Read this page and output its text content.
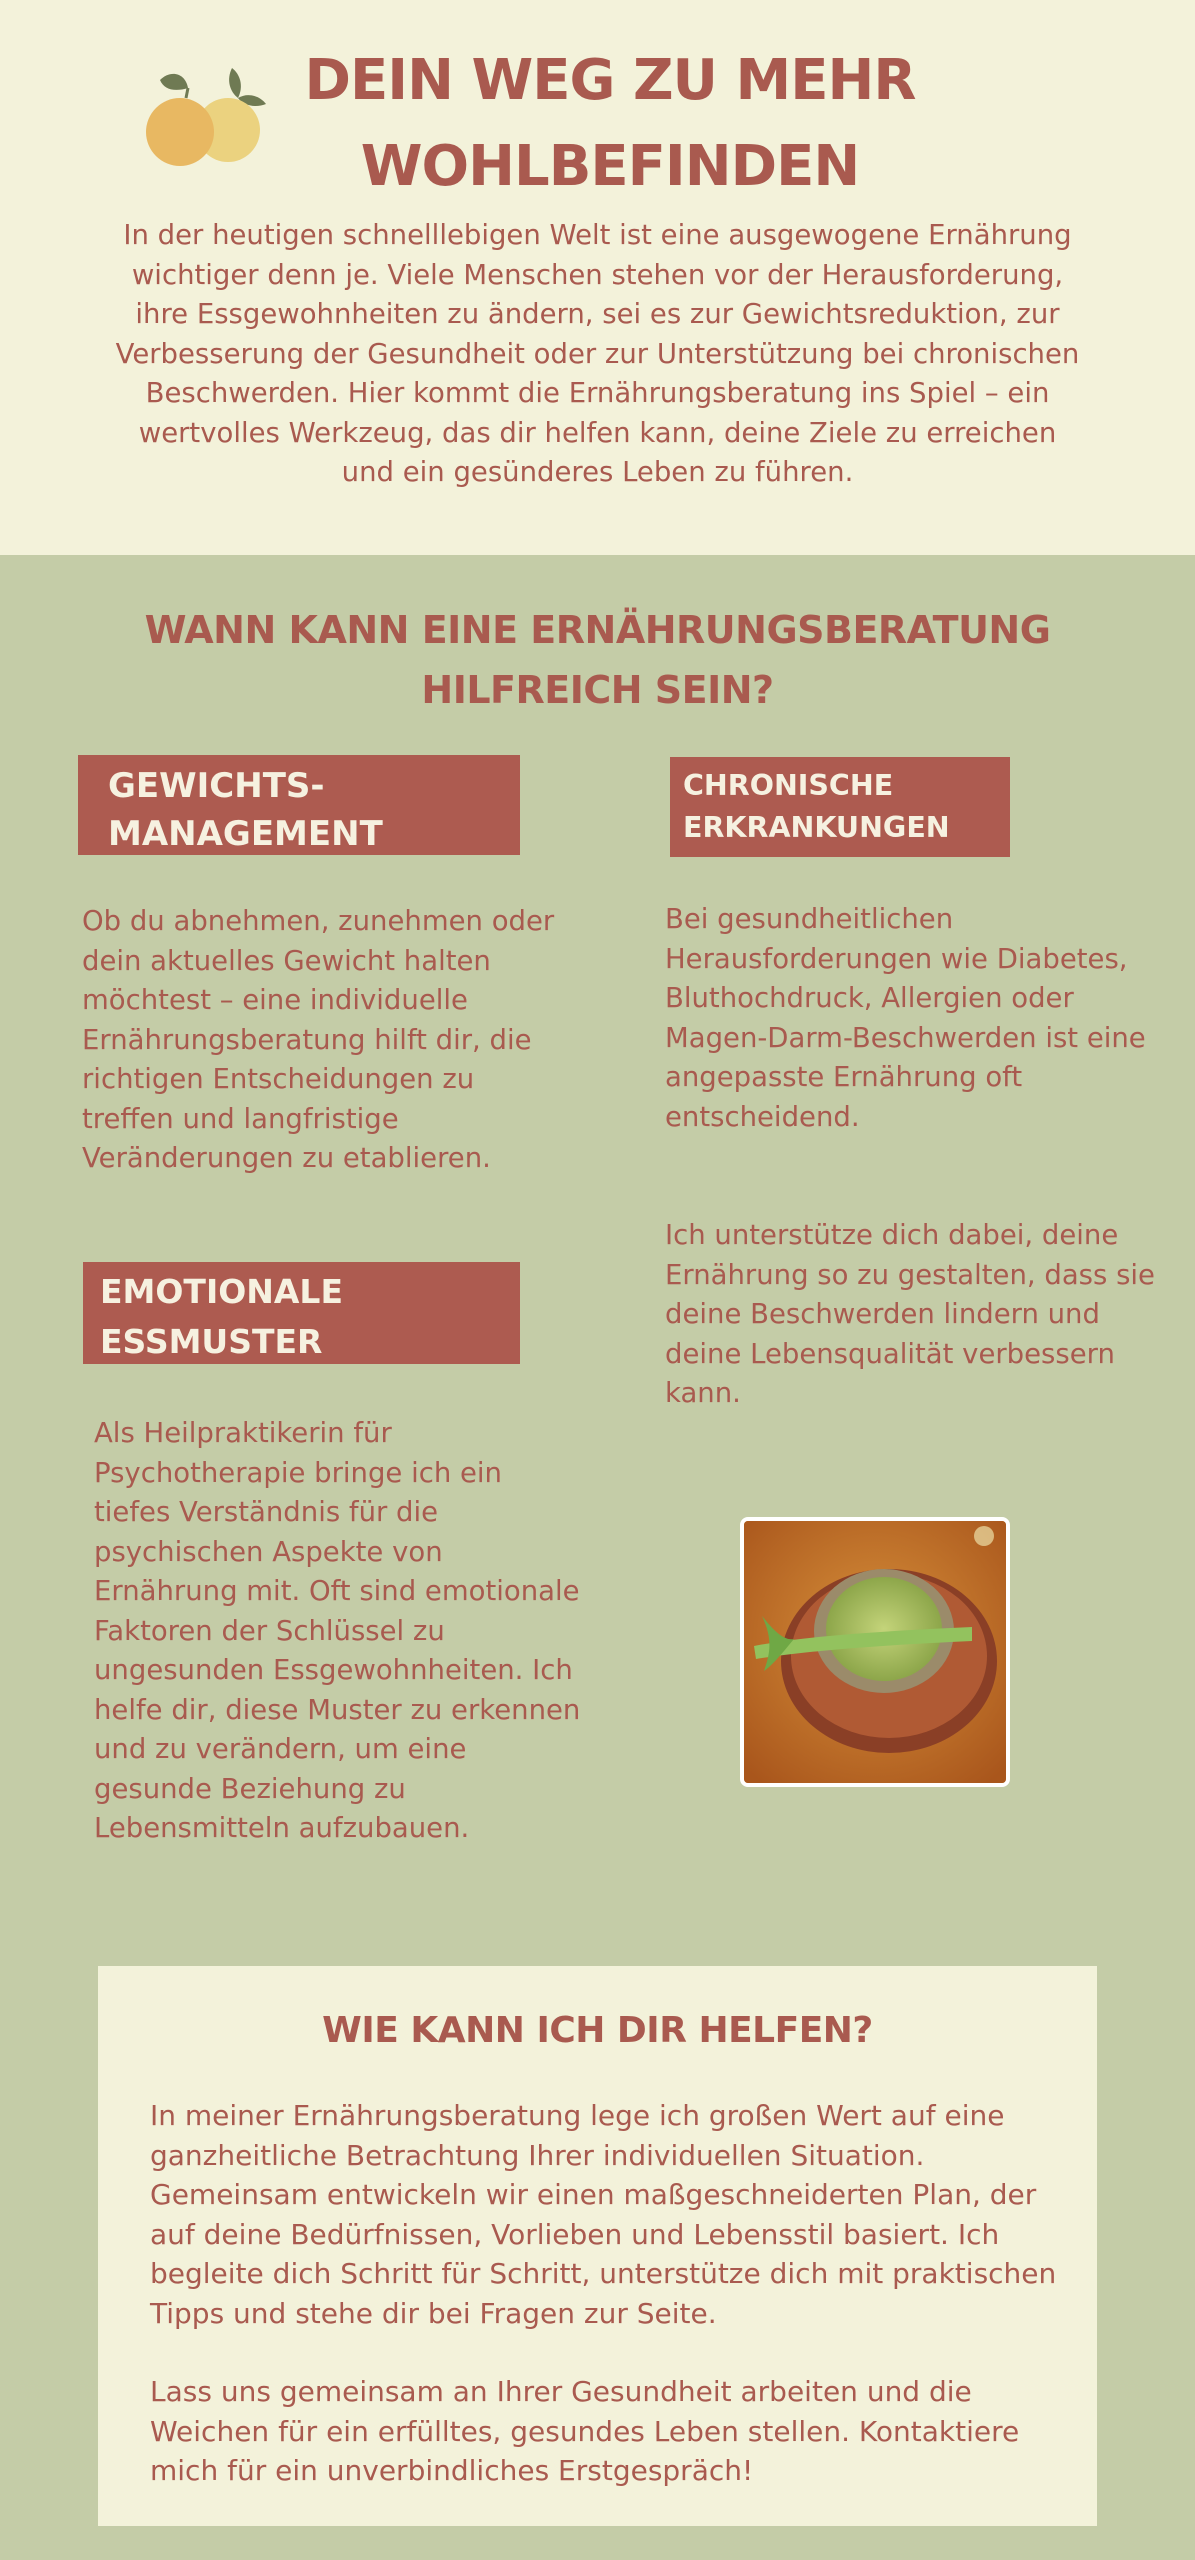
DEIN WEG ZU MEHR WOHLBEFINDEN

In der heutigen schnelllebigen Welt ist eine ausgewogene Ernährung wichtiger denn je. Viele Menschen stehen vor der Herausforderung, ihre Essgewohnheiten zu ändern, sei es zur Gewichtsreduktion, zur Verbesserung der Gesundheit oder zur Unterstützung bei chronischen Beschwerden. Hier kommt die Ernährungsberatung ins Spiel – ein wertvolles Werkzeug, das dir helfen kann, deine Ziele zu erreichen und ein gesünderes Leben zu führen.

WANN KANN EINE ERNÄHRUNGSBERATUNG HILFREICH SEIN?
GEWICHTS-MANAGEMENT

Ob du abnehmen, zunehmen oder dein aktuelles Gewicht halten möchtest – eine individuelle Ernährungsberatung hilft dir, die richtigen Entscheidungen zu treffen und langfristige Veränderungen zu etablieren.

CHRONISCHE ERKRANKUNGEN

Bei gesundheitlichen Herausforderungen wie Diabetes, Bluthochdruck, Allergien oder Magen-Darm-Beschwerden ist eine angepasste Ernährung oft entscheidend.

Ich unterstütze dich dabei, deine Ernährung so zu gestalten, dass sie deine Beschwerden lindern und deine Lebensqualität verbessern kann.

EMOTIONALE ESSMUSTER

Als Heilpraktikerin für Psychotherapie bringe ich ein tiefes Verständnis für die psychischen Aspekte von Ernährung mit. Oft sind emotionale Faktoren der Schlüssel zu ungesunden Essgewohnheiten. Ich helfe dir, diese Muster zu erkennen und zu verändern, um eine gesunde Beziehung zu Lebensmitteln aufzubauen.

WIE KANN ICH DIR HELFEN?

In meiner Ernährungsberatung lege ich großen Wert auf eine ganzheitliche Betrachtung Ihrer individuellen Situation. Gemeinsam entwickeln wir einen maßgeschneiderten Plan, der auf deine Bedürfnissen, Vorlieben und Lebensstil basiert. Ich begleite dich Schritt für Schritt, unterstütze dich mit praktischen Tipps und stehe dir bei Fragen zur Seite.

Lass uns gemeinsam an Ihrer Gesundheit arbeiten und die Weichen für ein erfülltes, gesundes Leben stellen. Kontaktiere mich für ein unverbindliches Erstgespräch!
